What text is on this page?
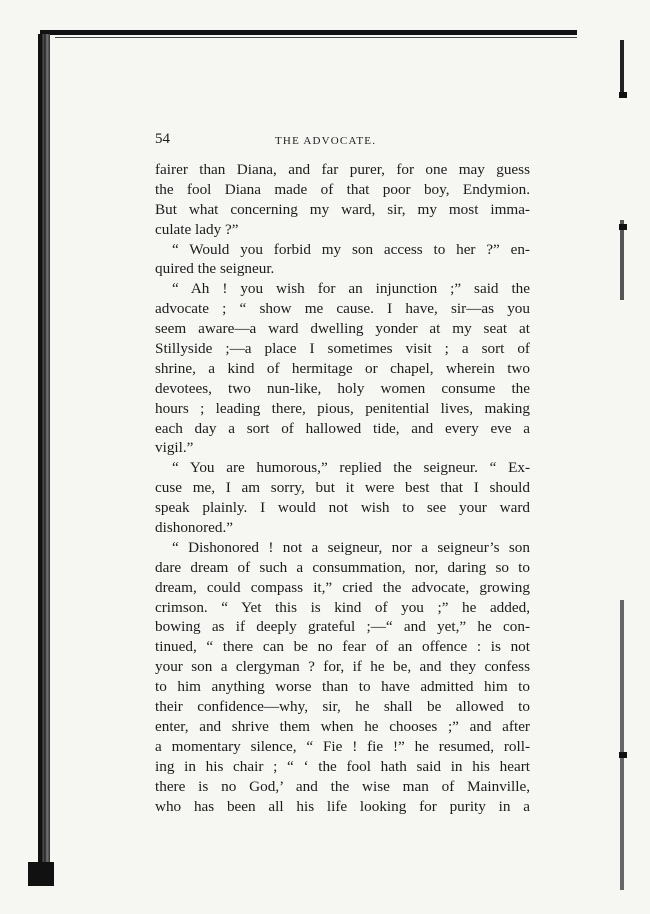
54	THE ADVOCATE.
fairer than Diana, and far purer, for one may guess
the fool Diana made of that poor boy, Endymion.
But what concerning my ward, sir, my most imma-
culate lady ?”
“ Would you forbid my son access to her ?” en-
quired the seigneur.
“ Ah ! you wish for an injunction ;” said the
advocate ; “ show me cause. I have, sir—as you
seem aware—a ward dwelling yonder at my seat at
Stillyside ;—a place I sometimes visit ; a sort of
shrine, a kind of hermitage or chapel, wherein two
devotees, two nun-like, holy women consume the
hours ; leading there, pious, penitential lives, making
each day a sort of hallowed tide, and every eve a
vigil.”
“ You are humorous,” replied the seigneur. “ Ex-
cuse me, I am sorry, but it were best that I should
speak plainly. I would not wish to see your ward
dishonored.”
“ Dishonored ! not a seigneur, nor a seigneur’s son
dare dream of such a consummation, nor, daring so to
dream, could compass it,” cried the advocate, growing
crimson. “ Yet this is kind of you ;” he added,
bowing as if deeply grateful ;—“ and yet,” he con-
tinued, “ there can be no fear of an offence : is not
your son a clergyman ? for, if he be, and they confess
to him anything worse than to have admitted him to
their confidence—why, sir, he shall be allowed to
enter, and shrive them when he chooses ;” and after
a momentary silence, “ Fie ! fie !” he resumed, roll-
ing in his chair ; “ ‘ the fool hath said in his heart
there is no God,’ and the wise man of Mainville,
who has been all his life looking for purity in a
